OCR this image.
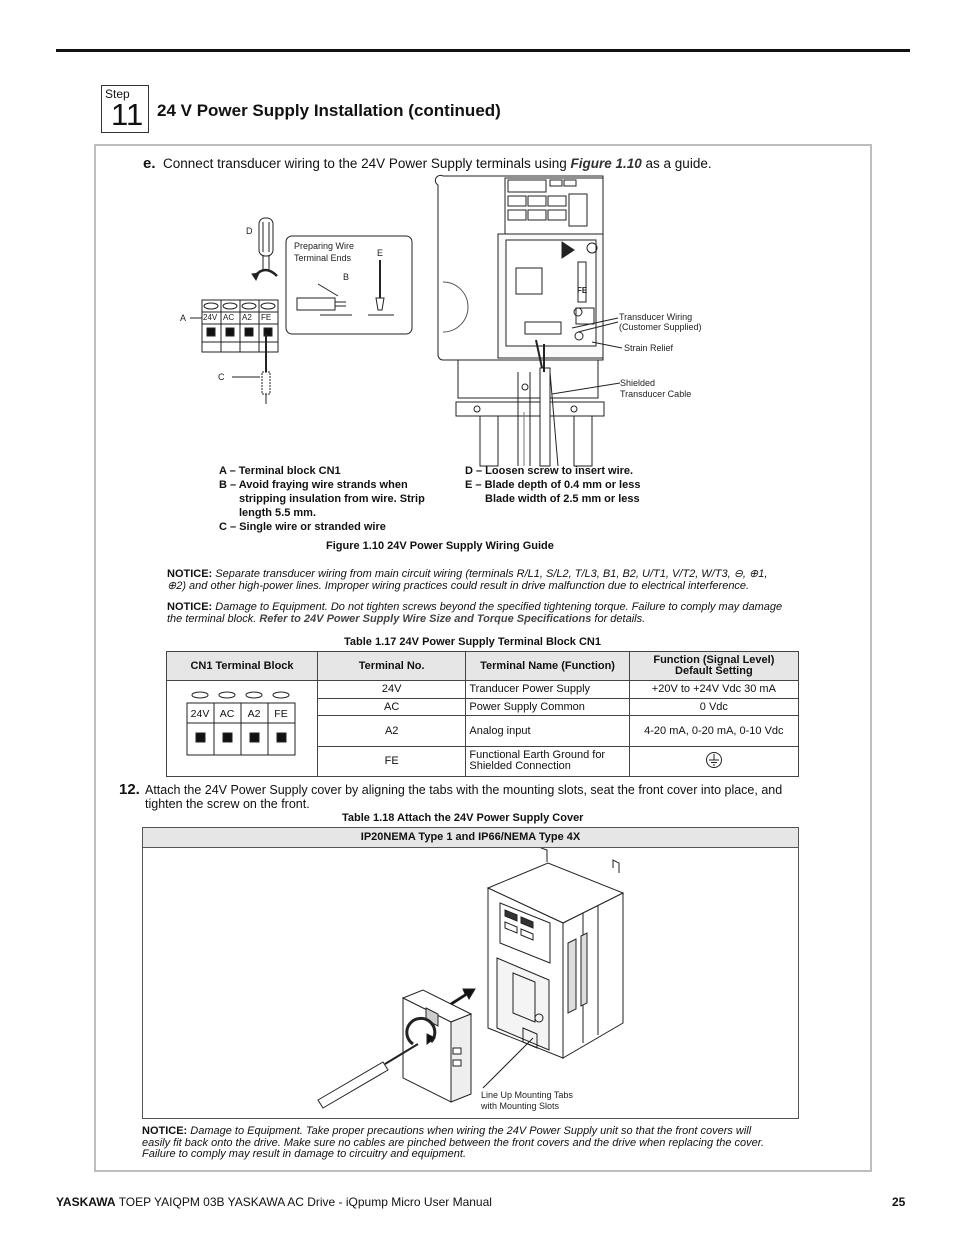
Step
11 24 V Power Supply Installation (continued)
e. Connect transducer wiring to the 24V Power Supply terminals using Figure 1.10 as a guide.
D
A
C
B
E
Preparing Wire
Terminal Ends
24V AC A2 FE
FE
Transducer Wiring
(Customer Supplied)
Strain Relief
Shielded
Transducer Cable
A – Terminal block CN1
B – Avoid fraying wire strands when
stripping insulation from wire. Strip
length 5.5 mm.
C – Single wire or stranded wire
D – Loosen screw to insert wire.
E – Blade depth of 0.4 mm or less
Blade width of 2.5 mm or less
Figure 1.10 24V Power Supply Wiring Guide
NOTICE: Separate transducer wiring from main circuit wiring (terminals R/L1, S/L2, T/L3, B1, B2, U/T1, V/T2, W/T3, ⊖, ⊕1,
⊕2) and other high-power lines. Improper wiring practices could result in drive malfunction due to electrical interference.
NOTICE: Damage to Equipment. Do not tighten screws beyond the specified tightening torque. Failure to comply may damage
the terminal block. Refer to 24V Power Supply Wire Size and Torque Specifications for details.
Table 1.17 24V Power Supply Terminal Block CN1
CN1 Terminal Block	Terminal No.	Terminal Name (Function)	Function (Signal Level)
Default Setting

24V AC A2 FE	24V	Tranducer Power Supply	+20V to +24V Vdc 30 mA
	AC	Power Supply Common	0 Vdc
	A2	Analog input	4-20 mA, 0-20 mA, 0-10 Vdc
	FE	Functional Earth Ground for
Shielded Connection

12. Attach the 24V Power Supply cover by aligning the tabs with the mounting slots, seat the front cover into place, and
tighten the screw on the front.
Table 1.18 Attach the 24V Power Supply Cover
IP20NEMA Type 1 and IP66/NEMA Type 4X
Line Up Mounting Tabs
with Mounting Slots
NOTICE: Damage to Equipment. Take proper precautions when wiring the 24V Power Supply unit so that the front covers will
easily fit back onto the drive. Make sure no cables are pinched between the front covers and the drive when replacing the cover.
Failure to comply may result in damage to circuitry and equipment.
YASKAWA TOEP YAIQPM 03B YASKAWA AC Drive - iQpump Micro User Manual	25
